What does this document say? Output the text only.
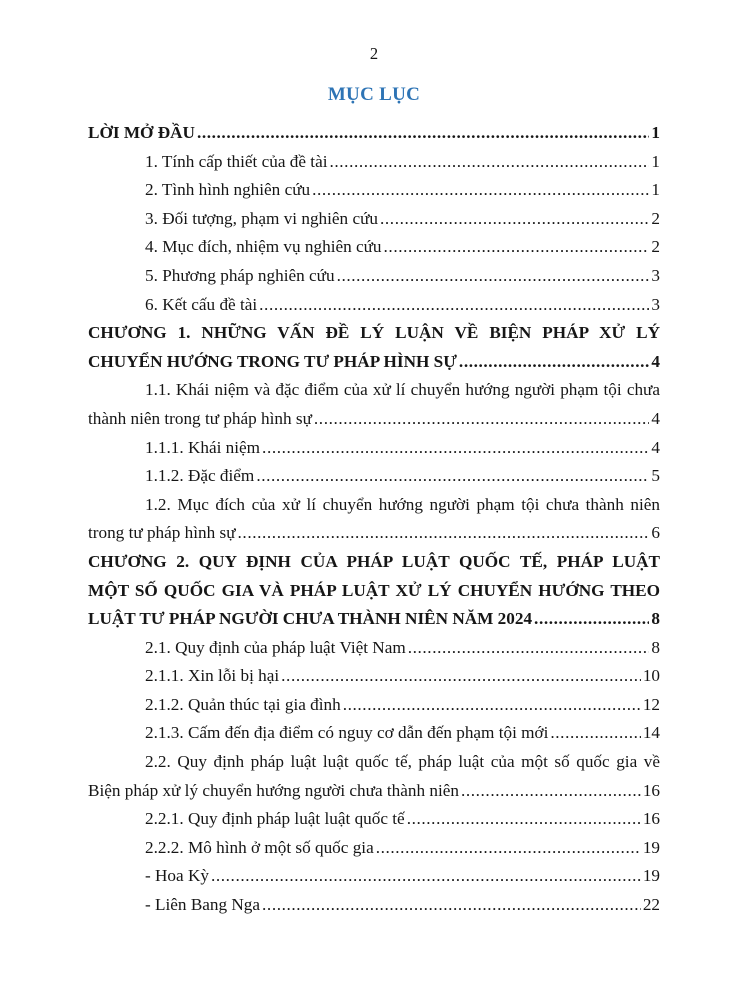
2
MỤC LỤC
LỜI MỞ ĐẦU .....	1
1. Tính cấp thiết của đề tài .....	1
2. Tình hình nghiên cứu .....	1
3. Đối tượng, phạm vi nghiên cứu .....	2
4. Mục đích, nhiệm vụ nghiên cứu .....	2
5. Phương pháp nghiên cứu .....	3
6. Kết cấu đề tài .....	3
CHƯƠNG 1. NHỮNG VẤN ĐỀ LÝ LUẬN VỀ BIỆN PHÁP XỬ LÝ
CHUYỂN HƯỚNG TRONG TƯ PHÁP HÌNH SỰ .....	4
1.1. Khái niệm và đặc điểm của xử lí chuyển hướng người phạm tội chưa
thành niên trong tư pháp hình sự .....	4
1.1.1. Khái niệm .....	4
1.1.2. Đặc điểm .....	5
1.2. Mục đích của xử lí chuyển hướng người phạm tội chưa thành niên
trong tư pháp hình sự .....	6
CHƯƠNG 2. QUY ĐỊNH CỦA PHÁP LUẬT QUỐC TẾ, PHÁP LUẬT
MỘT SỐ QUỐC GIA VÀ PHÁP LUẬT XỬ LÝ CHUYỂN HƯỚNG THEO
LUẬT TƯ PHÁP NGƯỜI CHƯA THÀNH NIÊN NĂM 2024 .....	8
2.1. Quy định của pháp luật Việt Nam .....	8
2.1.1. Xin lỗi bị hại .....	10
2.1.2. Quản thúc tại gia đình .....	12
2.1.3. Cấm đến địa điểm có nguy cơ dẫn đến phạm tội mới .....	14
2.2. Quy định pháp luật luật quốc tế, pháp luật của một số quốc gia về
Biện pháp xử lý chuyển hướng người chưa thành niên .....	16
2.2.1. Quy định pháp luật luật quốc tế .....	16
2.2.2. Mô hình ở một số quốc gia .....	19
- Hoa Kỳ .....	19
- Liên Bang Nga .....	22
